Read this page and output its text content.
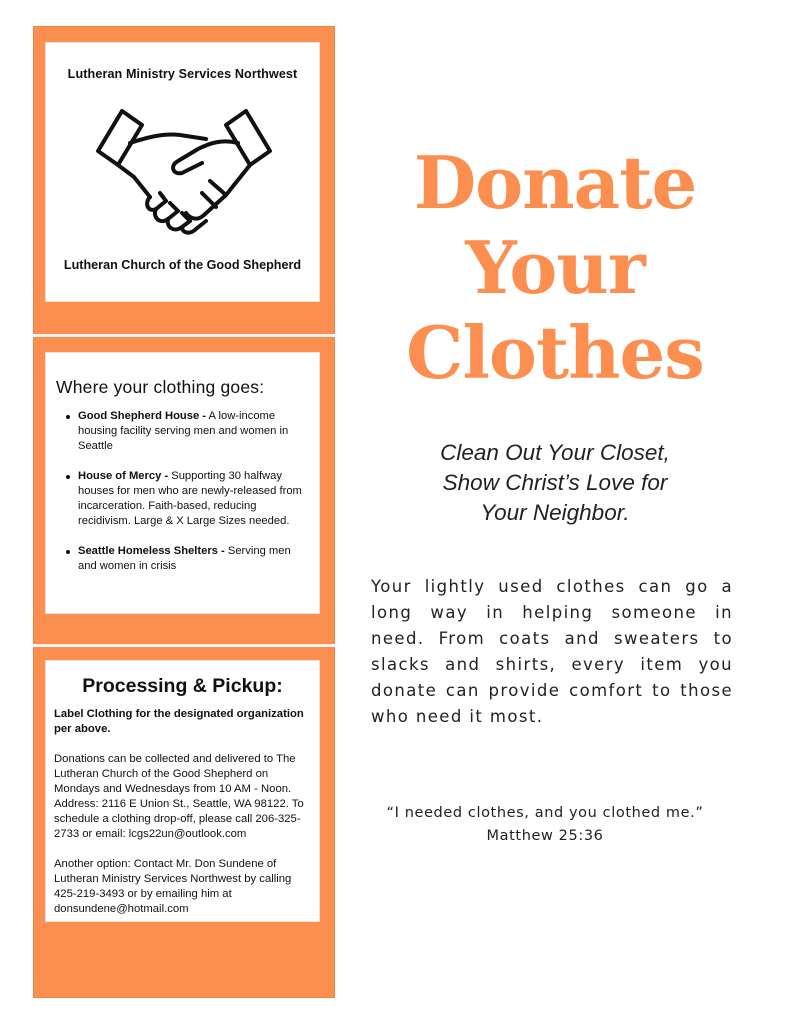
Lutheran Ministry Services Northwest
Lutheran Church of the Good Shepherd
Where your clothing goes:
Good Shepherd House - A low-income housing facility serving men and women in Seattle
House of Mercy - Supporting 30 halfway houses for men who are newly-released from incarceration. Faith-based, reducing recidivism. Large & X Large Sizes needed.
Seattle Homeless Shelters - Serving men and women in crisis
Processing & Pickup:

Label Clothing for the designated organization per above.

Donations can be collected and delivered to The Lutheran Church of the Good Shepherd on Mondays and Wednesdays from 10 AM - Noon. Address: 2116 E Union St., Seattle, WA 98122. To schedule a clothing drop-off, please call 206-325-2733 or email: lcgs22un@outlook.com

Another option: Contact Mr. Don Sundene of Lutheran Ministry Services Northwest by calling 425-219-3493 or by emailing him at donsundene@hotmail.com

Donate
Your
Clothes
Clean Out Your Closet,
Show Christ’s Love for
Your Neighbor.
Your lightly used clothes can go a long way in helping someone in need. From coats and sweaters to slacks and shirts, every item you donate can provide comfort to those who need it most.
“I needed clothes, and you clothed me.”
Matthew 25:36
